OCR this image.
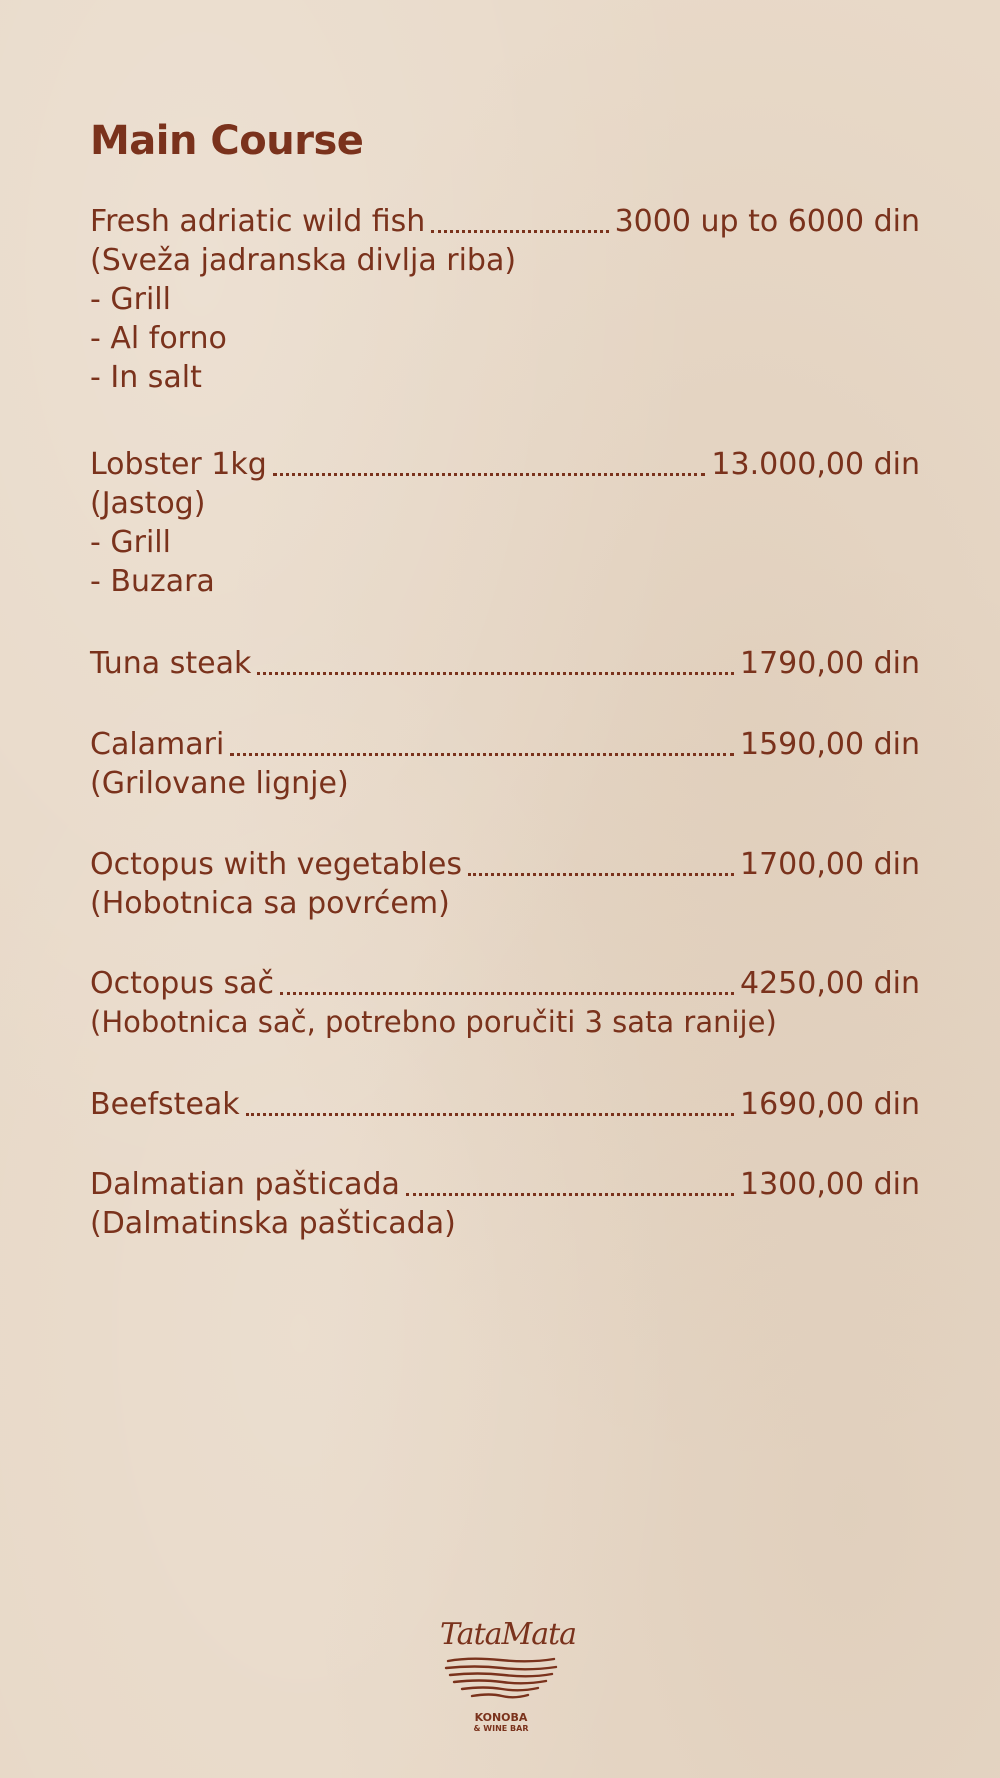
Main Course
Fresh adriatic wild fish	3000 up to 6000 din
(Sveža jadranska divlja riba)
- Grill
- Al forno
- In salt
Lobster 1kg	13.000,00 din
(Jastog)
- Grill
- Buzara
Tuna steak	1790,00 din
Calamari	1590,00 din
(Grilovane lignje)
Octopus with vegetables	1700,00 din
(Hobotnica sa povrćem)
Octopus sač	4250,00 din
(Hobotnica sač, potrebno poručiti 3 sata ranije)
Beefsteak	1690,00 din
Dalmatian pašticada	1300,00 din
(Dalmatinska pašticada)
TataMata
KONOBA
& WINE BAR
